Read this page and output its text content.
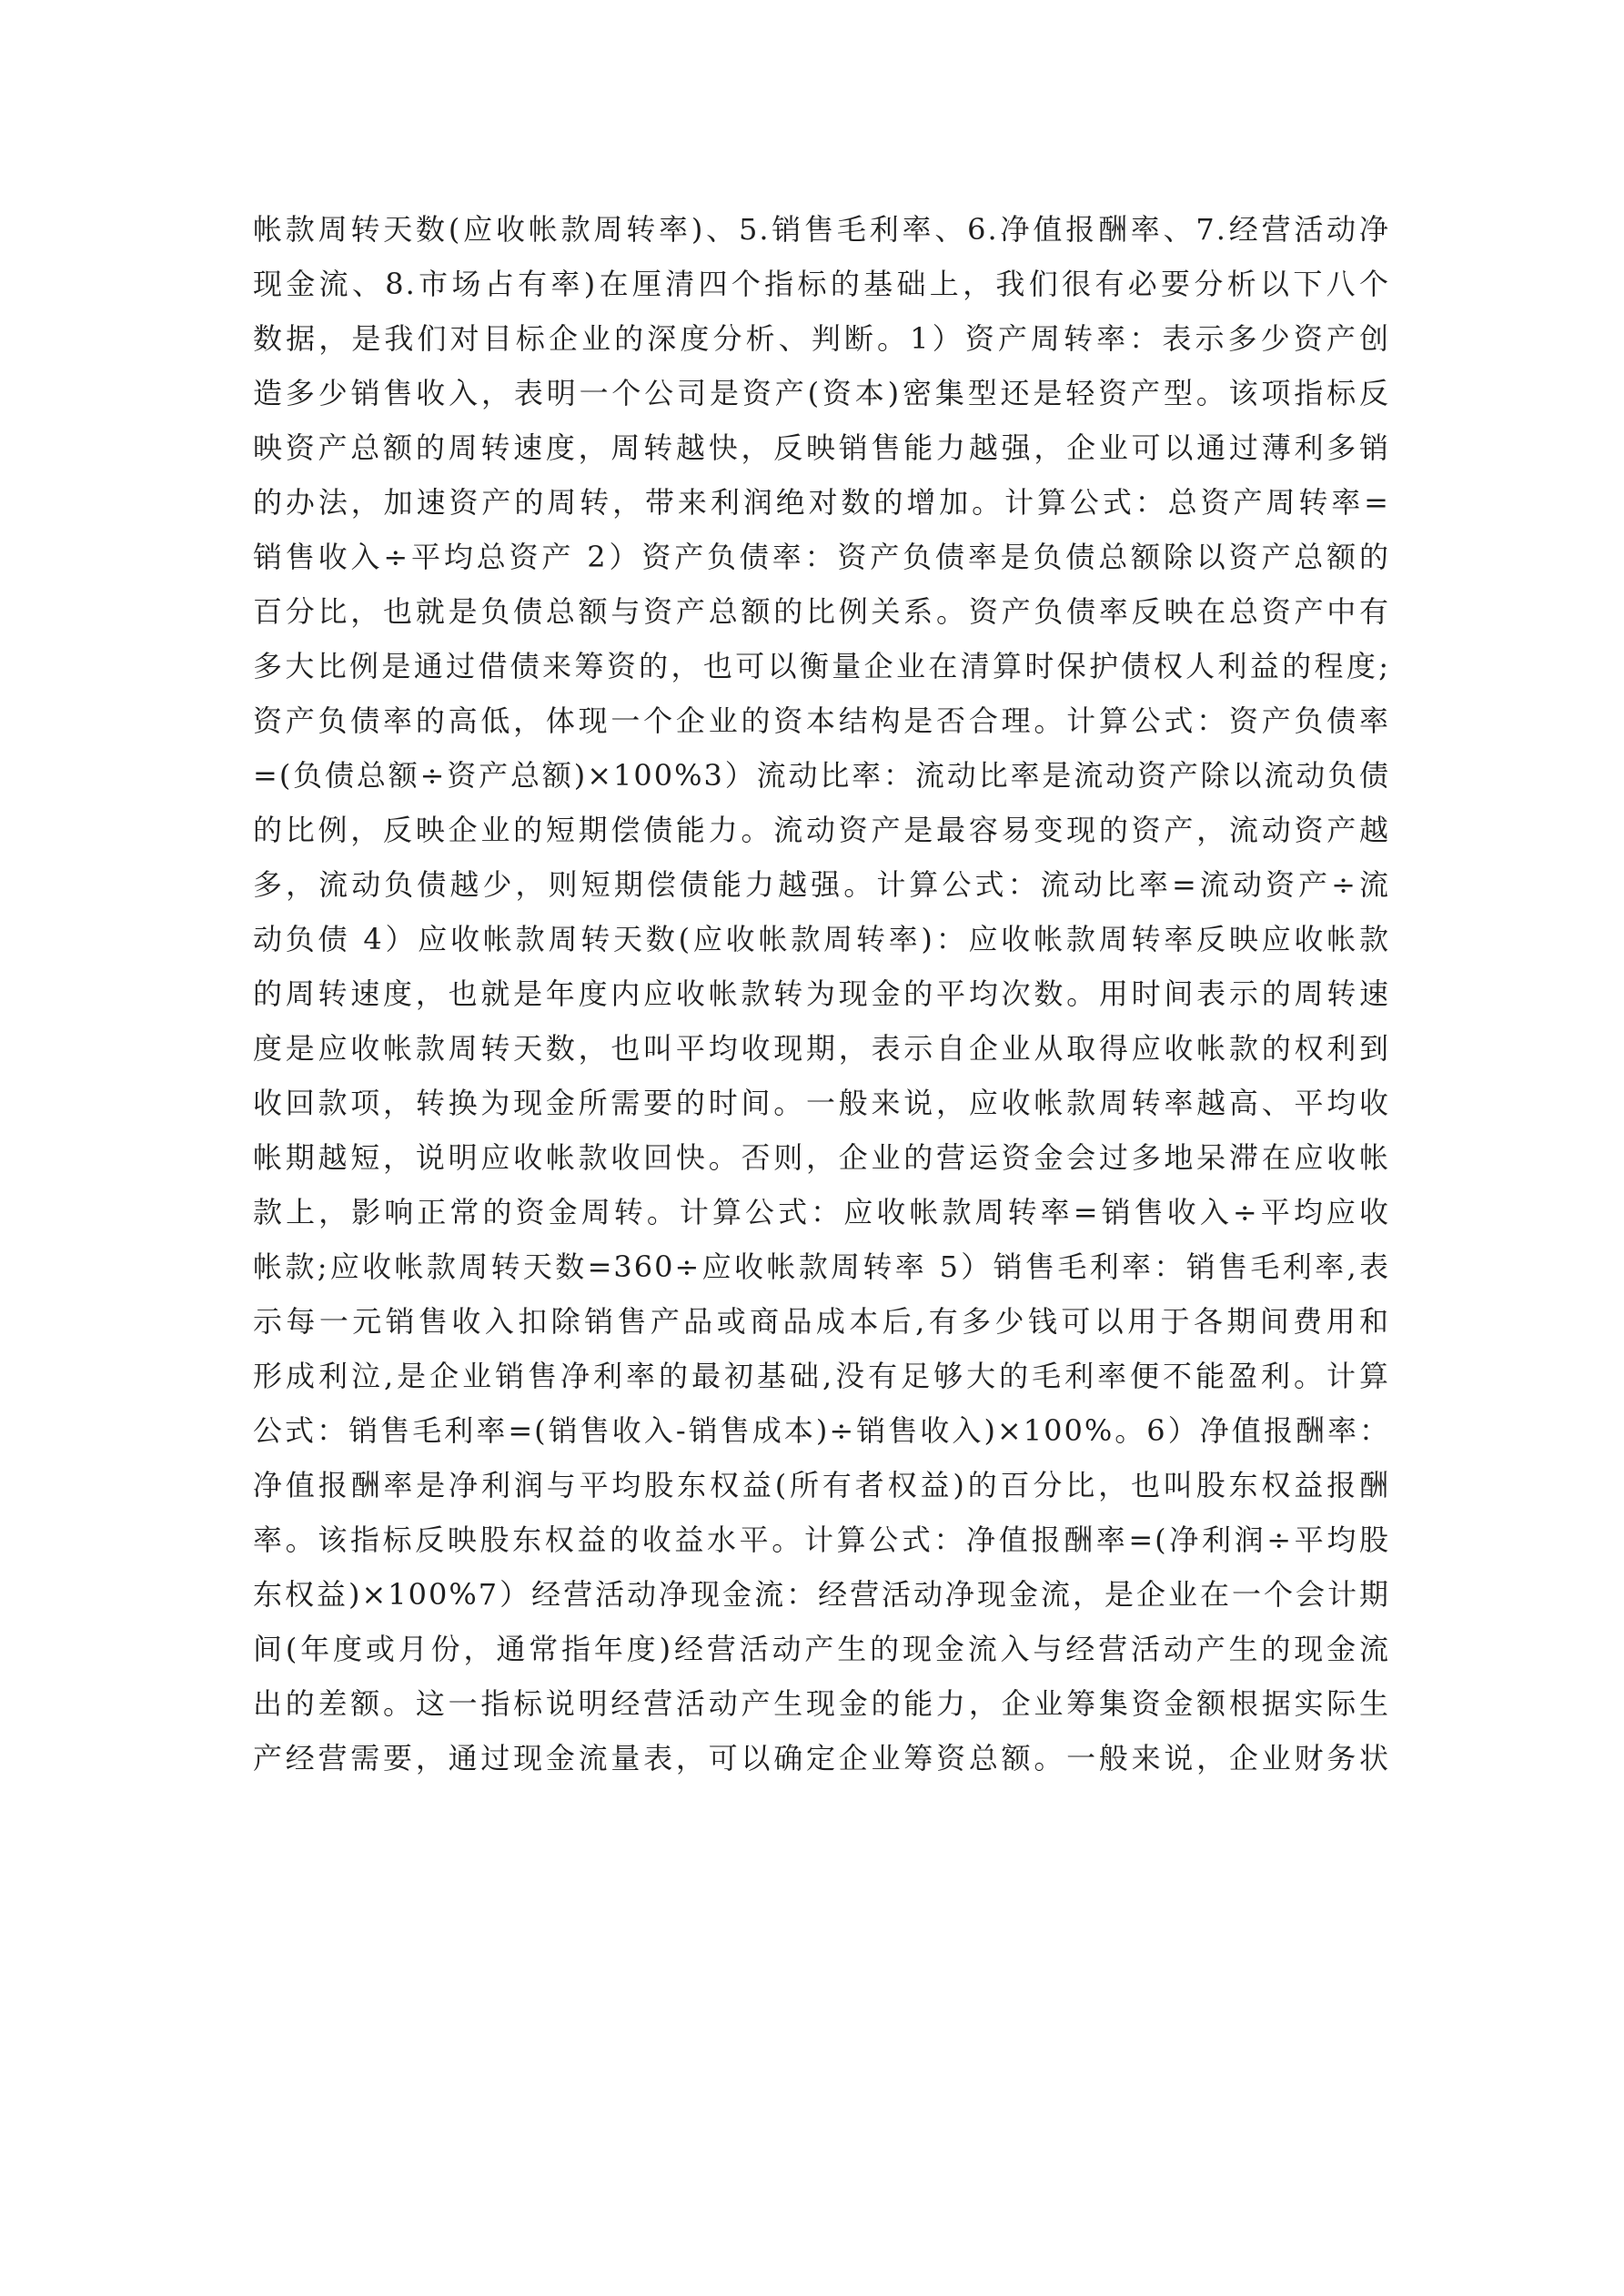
帐款周转天数(应收帐款周转率)、5.销售毛利率、6.净值报酬率、7.经营活动净
现金流、8.市场占有率)在厘清四个指标的基础上，我们很有必要分析以下八个
数据，是我们对目标企业的深度分析、判断。1）资产周转率：表示多少资产创
造多少销售收入，表明一个公司是资产(资本)密集型还是轻资产型。该项指标反
映资产总额的周转速度，周转越快，反映销售能力越强，企业可以通过薄利多销
的办法，加速资产的周转，带来利润绝对数的增加。计算公式：总资产周转率=
销售收入÷平均总资产 2）资产负债率：资产负债率是负债总额除以资产总额的
百分比，也就是负债总额与资产总额的比例关系。资产负债率反映在总资产中有
多大比例是通过借债来筹资的，也可以衡量企业在清算时保护债权人利益的程度;
资产负债率的高低，体现一个企业的资本结构是否合理。计算公式：资产负债率
=(负债总额÷资产总额)×100%3）流动比率：流动比率是流动资产除以流动负债
的比例，反映企业的短期偿债能力。流动资产是最容易变现的资产，流动资产越
多，流动负债越少，则短期偿债能力越强。计算公式：流动比率=流动资产÷流
动负债 4）应收帐款周转天数(应收帐款周转率)：应收帐款周转率反映应收帐款
的周转速度，也就是年度内应收帐款转为现金的平均次数。用时间表示的周转速
度是应收帐款周转天数，也叫平均收现期，表示自企业从取得应收帐款的权利到
收回款项，转换为现金所需要的时间。一般来说，应收帐款周转率越高、平均收
帐期越短，说明应收帐款收回快。否则，企业的营运资金会过多地呆滞在应收帐
款上，影响正常的资金周转。计算公式：应收帐款周转率=销售收入÷平均应收
帐款;应收帐款周转天数=360÷应收帐款周转率 5）销售毛利率：销售毛利率,表
示每一元销售收入扣除销售产品或商品成本后,有多少钱可以用于各期间费用和
形成利泣,是企业销售净利率的最初基础,没有足够大的毛利率便不能盈利。计算
公式：销售毛利率=(销售收入-销售成本)÷销售收入)×100%。6）净值报酬率：
净值报酬率是净利润与平均股东权益(所有者权益)的百分比，也叫股东权益报酬
率。该指标反映股东权益的收益水平。计算公式：净值报酬率=(净利润÷平均股
东权益)×100%7）经营活动净现金流：经营活动净现金流，是企业在一个会计期
间(年度或月份，通常指年度)经营活动产生的现金流入与经营活动产生的现金流
出的差额。这一指标说明经营活动产生现金的能力，企业筹集资金额根据实际生
产经营需要，通过现金流量表，可以确定企业筹资总额。一般来说，企业财务状
